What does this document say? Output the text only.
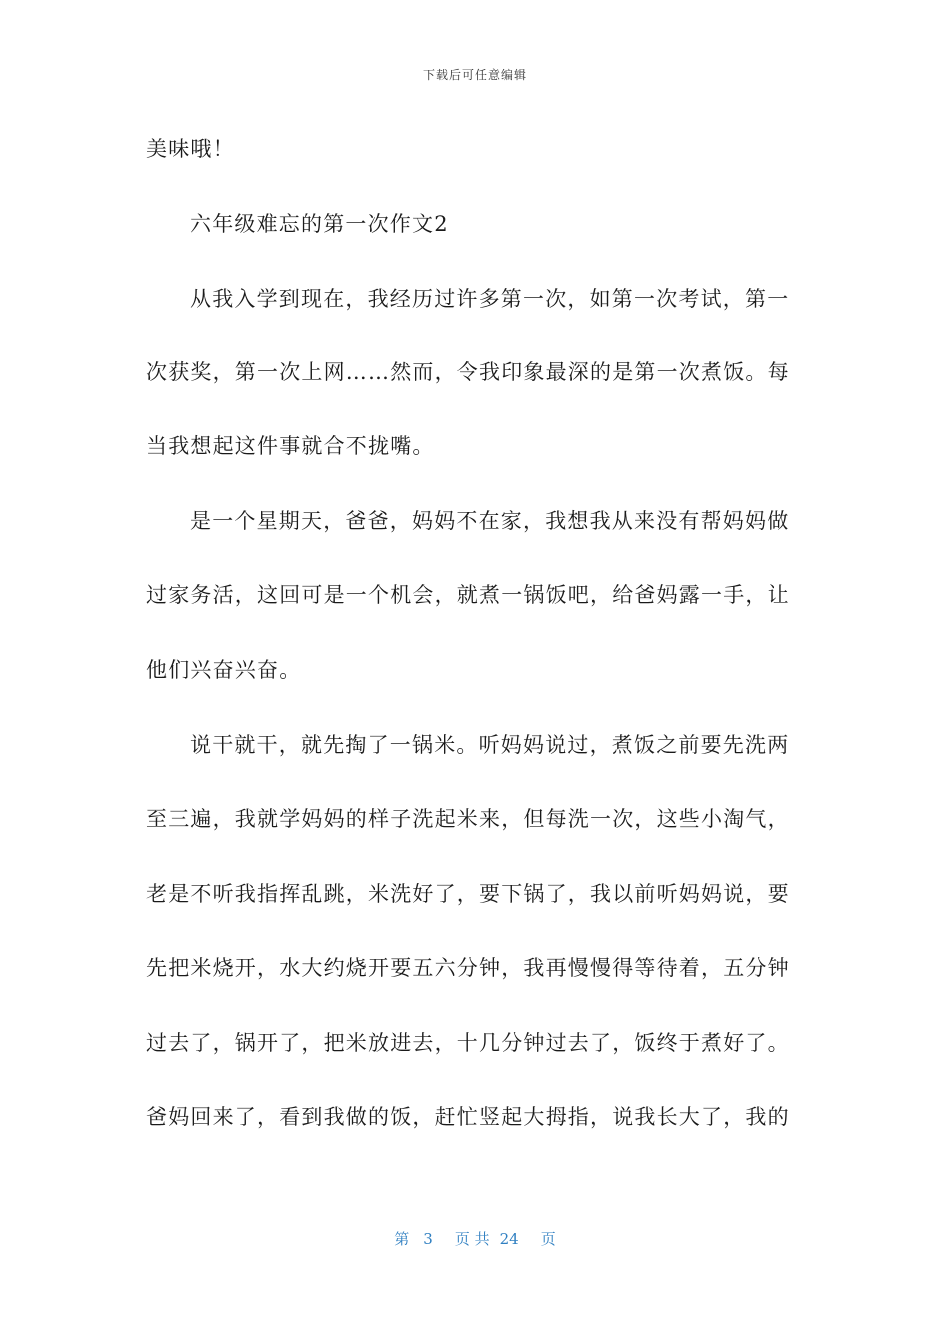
下载后可任意编辑
美味哦！
六年级难忘的第一次作文2
从我入学到现在，我经历过许多第一次，如第一次考试，第一
次获奖，第一次上网……然而，令我印象最深的是第一次煮饭。每
当我想起这件事就合不拢嘴。
是一个星期天，爸爸，妈妈不在家，我想我从来没有帮妈妈做
过家务活，这回可是一个机会，就煮一锅饭吧，给爸妈露一手，让
他们兴奋兴奋。
说干就干，就先掏了一锅米。听妈妈说过，煮饭之前要先洗两
至三遍，我就学妈妈的样子洗起米来，但每洗一次，这些小淘气，
老是不听我指挥乱跳，米洗好了，要下锅了，我以前听妈妈说，要
先把米烧开，水大约烧开要五六分钟，我再慢慢得等待着，五分钟
过去了，锅开了，把米放进去，十几分钟过去了，饭终于煮好了。
爸妈回来了，看到我做的饭，赶忙竖起大拇指，说我长大了，我的
第 3 页 共 24 页
